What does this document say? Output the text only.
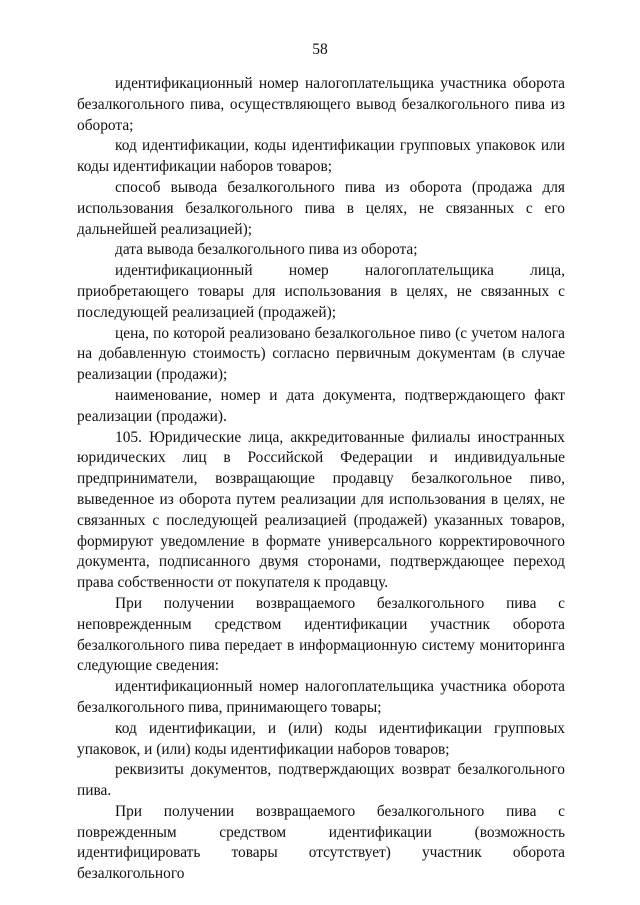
58

идентификационный номер налогоплательщика участника оборота безалкогольного пива, осуществляющего вывод безалкогольного пива из оборота;

код идентификации, коды идентификации групповых упаковок или коды идентификации наборов товаров;

способ вывода безалкогольного пива из оборота (продажа для использования безалкогольного пива в целях, не связанных с его дальнейшей реализацией);

дата вывода безалкогольного пива из оборота;

идентификационный номер налогоплательщика лица, приобретающего товары для использования в целях, не связанных с последующей реализацией (продажей);

цена, по которой реализовано безалкогольное пиво (с учетом налога на добавленную стоимость) согласно первичным документам (в случае реализации (продажи);

наименование, номер и дата документа, подтверждающего факт реализации (продажи).

105. Юридические лица, аккредитованные филиалы иностранных юридических лиц в Российской Федерации и индивидуальные предприниматели, возвращающие продавцу безалкогольное пиво, выведенное из оборота путем реализации для использования в целях, не связанных с последующей реализацией (продажей) указанных товаров, формируют уведомление в формате универсального корректировочного документа, подписанного двумя сторонами, подтверждающее переход права собственности от покупателя к продавцу.

При получении возвращаемого безалкогольного пива с неповрежденным средством идентификации участник оборота безалкогольного пива передает в информационную систему мониторинга следующие сведения:

идентификационный номер налогоплательщика участника оборота безалкогольного пива, принимающего товары;

код идентификации, и (или) коды идентификации групповых упаковок, и (или) коды идентификации наборов товаров;

реквизиты документов, подтверждающих возврат безалкогольного пива.

При получении возвращаемого безалкогольного пива с поврежденным средством идентификации (возможность идентифицировать товары отсутствует) участник оборота безалкогольного
